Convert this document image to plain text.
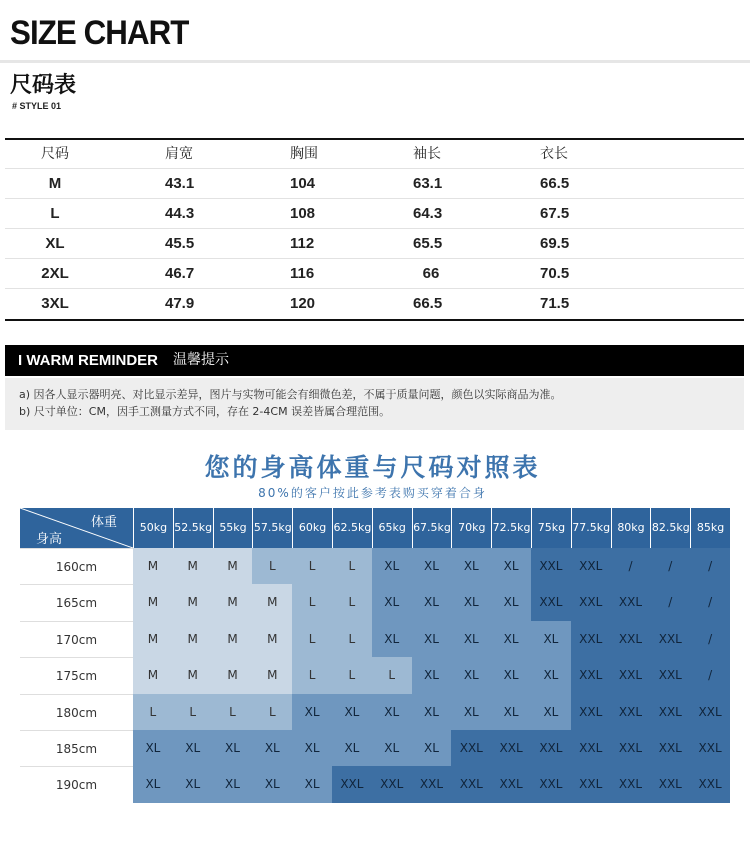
SIZE CHART
尺码表
# STYLE 01
尺码	肩宽	胸围	袖长	衣长
M	43.1	104	63.1	66.5
L	44.3	108	64.3	67.5
XL	45.5	112	65.5	69.5
2XL	46.7	116	66	70.5
3XL	47.9	120	66.5	71.5
I WARM REMINDER 温馨提示

a) 因各人显示器明亮、对比显示差异，图片与实物可能会有细微色差，不属于质量问题，颜色以实际商品为准。

b) 尺寸单位：CM，因手工测量方式不同，存在 2-4CM 误差皆属合理范围。

您的身高体重与尺码对照表
80%的客户按此参考表购买穿着合身
体重
身高
50kg 52.5kg 55kg 57.5kg 60kg 62.5kg 65kg 67.5kg 70kg 72.5kg 75kg 77.5kg 80kg 82.5kg 85kg
160cm	M	M	M	L	L	L	XL	XL	XL	XL	XXL	XXL	/	/	/
165cm	M	M	M	M	L	L	XL	XL	XL	XL	XXL	XXL	XXL	/	/
170cm	M	M	M	M	L	L	XL	XL	XL	XL	XL	XXL	XXL	XXL	/
175cm	M	M	M	M	L	L	L	XL	XL	XL	XL	XXL	XXL	XXL	/
180cm	L	L	L	L	XL	XL	XL	XL	XL	XL	XL	XXL	XXL	XXL	XXL
185cm	XL	XL	XL	XL	XL	XL	XL	XL	XXL	XXL	XXL	XXL	XXL	XXL	XXL
190cm	XL	XL	XL	XL	XL	XXL	XXL	XXL	XXL	XXL	XXL	XXL	XXL	XXL	XXL
